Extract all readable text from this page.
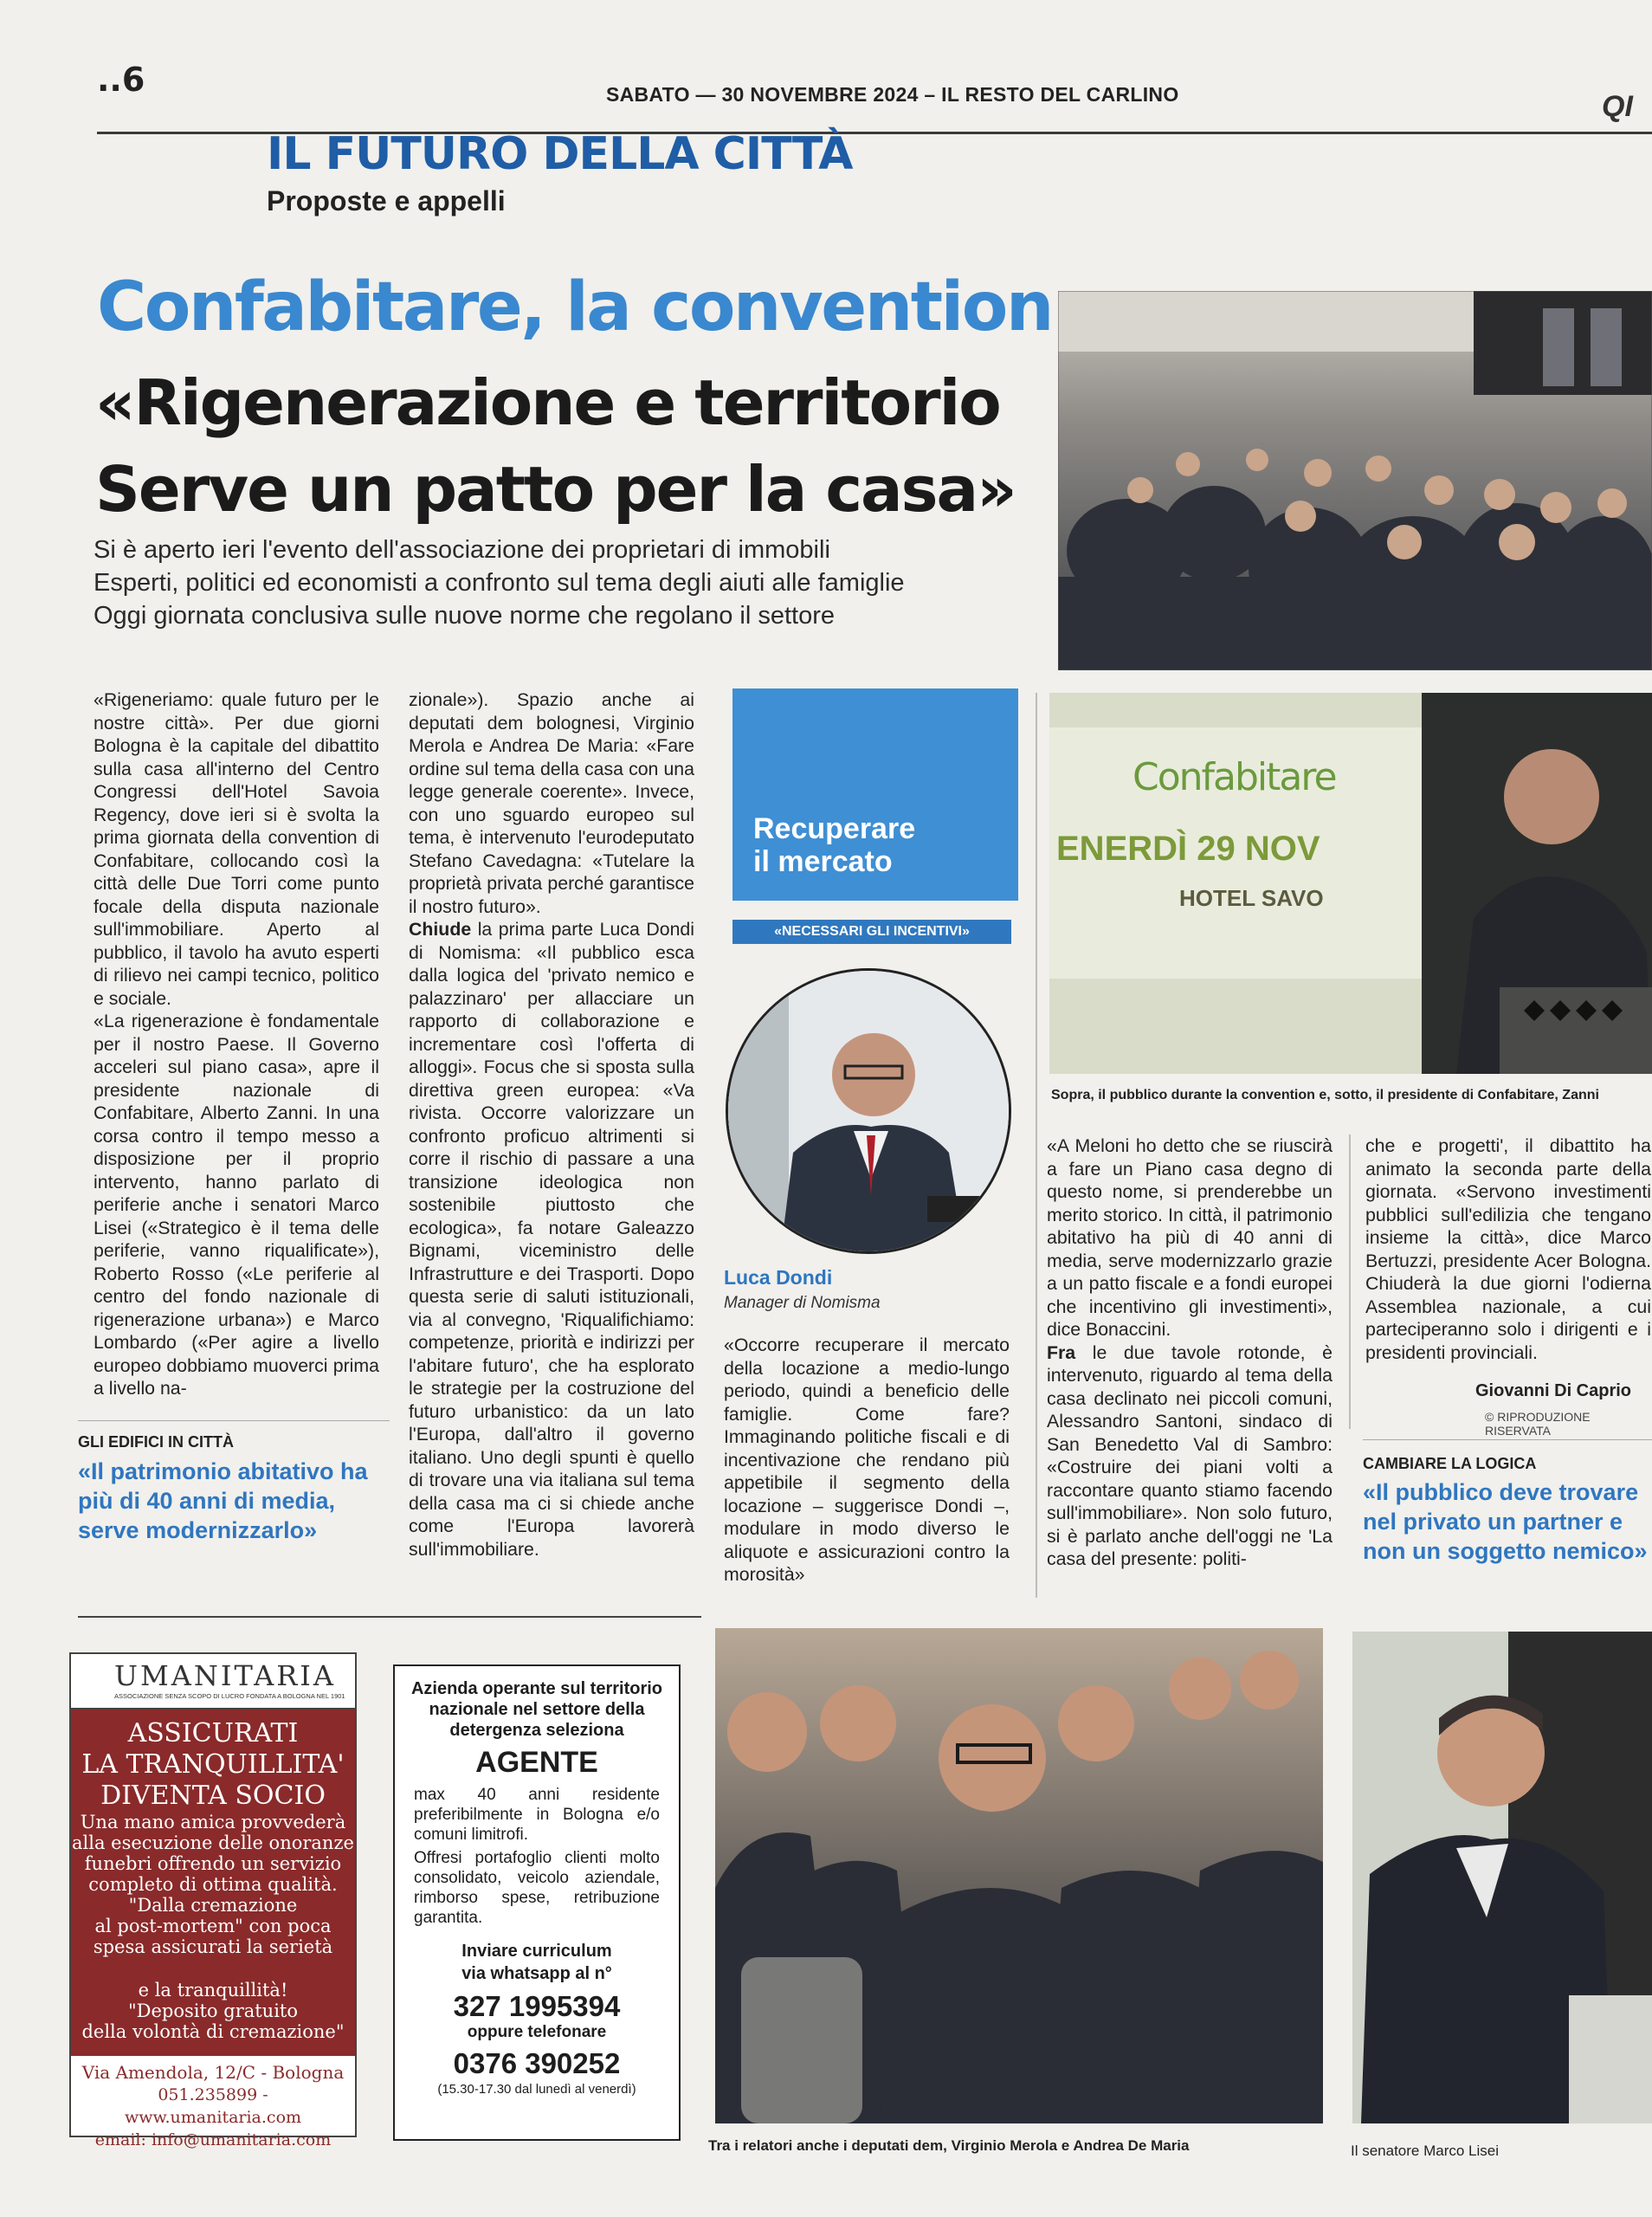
..6	SABATO — 30 NOVEMBRE 2024 – IL RESTO DEL CARLINO	QI
IL FUTURO DELLA CITTÀ
Proposte e appelli
Confabitare, la convention
«Rigenerazione e territorio
Serve un patto per la casa»
Si è aperto ieri l'evento dell'associazione dei proprietari di immobili
Esperti, politici ed economisti a confronto sul tema degli aiuti alle famiglie
Oggi giornata conclusiva sulle nuove norme che regolano il settore
Confabitare
ENERDÌ 29 NOV
HOTEL SAVO
Sopra, il pubblico durante la convention e, sotto, il presidente di Confabitare, Zanni

«Rigeneriamo: quale futuro per le nostre città». Per due giorni Bologna è la capitale del dibattito sulla casa all'interno del Centro Congressi dell'Hotel Savoia Regency, dove ieri si è svolta la prima giornata della convention di Confabitare, collocando così la città delle Due Torri come punto focale della disputa nazionale sull'immobiliare. Aperto al pubblico, il tavolo ha avuto esperti di rilievo nei campi tecnico, politico e sociale.

«La rigenerazione è fondamentale per il nostro Paese. Il Governo acceleri sul piano casa», apre il presidente nazionale di Confabitare, Alberto Zanni. In una corsa contro il tempo messo a disposizione per il proprio intervento, hanno parlato di periferie anche i senatori Marco Lisei («Strategico è il tema delle periferie, vanno riqualificate»), Roberto Rosso («Le periferie al centro del fondo nazionale di rigenerazione urbana») e Marco Lombardo («Per agire a livello europeo dobbiamo muoverci prima a livello na-

zionale»). Spazio anche ai deputati dem bolognesi, Virginio Merola e Andrea De Maria: «Fare ordine sul tema della casa con una legge generale coerente». Invece, con uno sguardo europeo sul tema, è intervenuto l'eurodeputato Stefano Cavedagna: «Tutelare la proprietà privata perché garantisce il nostro futuro».

Chiude la prima parte Luca Dondi di Nomisma: «Il pubblico esca dalla logica del 'privato nemico e palazzinaro' per allacciare un rapporto di collaborazione e incrementare così l'offerta di alloggi». Focus che si sposta sulla direttiva green europea: «Va rivista. Occorre valorizzare un confronto proficuo altrimenti si corre il rischio di passare a una transizione ideologica non sostenibile piuttosto che ecologica», fa notare Galeazzo Bignami, viceministro delle Infrastrutture e dei Trasporti. Dopo questa serie di saluti istituzionali, via al convegno, 'Riqualifichiamo: competenze, priorità e indirizzi per l'abitare futuro', che ha esplorato le strategie per la costruzione del futuro urbanistico: da un lato l'Europa, dall'altro il governo italiano. Uno degli spunti è quello di trovare una via italiana sul tema della casa ma ci si chiede anche come l'Europa lavorerà sull'immobiliare.

GLI EDIFICI IN CITTÀ
«Il patrimonio abitativo ha più di 40 anni di media, serve modernizzarlo»
Recuperare
il mercato
«NECESSARI GLI INCENTIVI»
Luca Dondi
Manager di Nomisma

«Occorre recuperare il mercato della locazione a medio-lungo periodo, quindi a beneficio delle famiglie. Come fare? Immaginando politiche fiscali e di incentivazione che rendano più appetibile il segmento della locazione – suggerisce Dondi –, modulare in modo diverso le aliquote e assicurazioni contro la morosità»

«A Meloni ho detto che se riuscirà a fare un Piano casa degno di questo nome, si prenderebbe un merito storico. In città, il patrimonio abitativo ha più di 40 anni di media, serve modernizzarlo grazie a un patto fiscale e a fondi europei che incentivino gli investimenti», dice Bonaccini.

Fra le due tavole rotonde, è intervenuto, riguardo al tema della casa declinato nei piccoli comuni, Alessandro Santoni, sindaco di San Benedetto Val di Sambro: «Costruire dei piani volti a raccontare quanto stiamo facendo sull'immobiliare». Non solo futuro, si è parlato anche dell'oggi ne 'La casa del presente: politi-

che e progetti', il dibattito ha animato la seconda parte della giornata. «Servono investimenti pubblici sull'edilizia che tengano insieme la città», dice Marco Bertuzzi, presidente Acer Bologna. Chiuderà la due giorni l'odierna Assemblea nazionale, a cui parteciperanno solo i dirigenti e i presidenti provinciali.

Giovanni Di Caprio
© RIPRODUZIONE RISERVATA
CAMBIARE LA LOGICA
«Il pubblico deve trovare nel privato un partner e non un soggetto nemico»
UMANITARIA
ASSOCIAZIONE SENZA SCOPO DI LUCRO FONDATA A BOLOGNA NEL 1901
ASSICURATI
LA TRANQUILLITA'
DIVENTA SOCIO
Una mano amica provvederà
alla esecuzione delle onoranze
funebri offrendo un servizio
completo di ottima qualità.
"Dalla cremazione
al post-mortem" con poca
spesa assicurati la serietà
e la tranquillità!
"Deposito gratuito
della volontà di cremazione"
Via Amendola, 12/C - Bologna
051.235899 - www.umanitaria.com
email: info@umanitaria.com
Azienda operante sul territorio
nazionale nel settore della
detergenza seleziona
AGENTE
max 40 anni residente preferibilmente in Bologna e/o comuni limitrofi.
Offresi portafoglio clienti molto consolidato, veicolo aziendale, rimborso spese, retribuzione garantita.
Inviare curriculum
via whatsapp al n°
327 1995394
oppure telefonare
0376 390252
(15.30-17.30 dal lunedì al venerdì)
Tra i relatori anche i deputati dem, Virginio Merola e Andrea De Maria	Il senatore Marco Lisei
